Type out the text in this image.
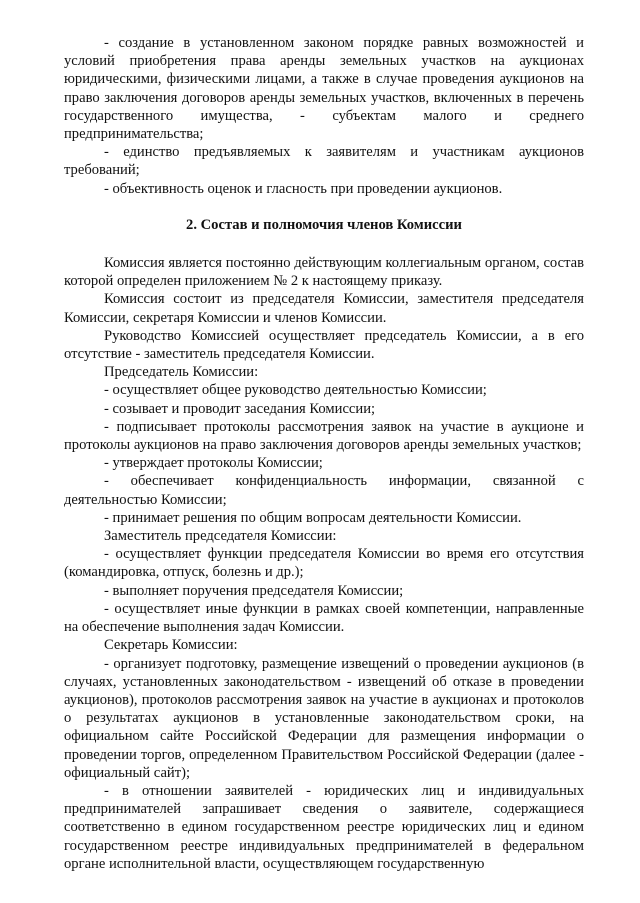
- создание в установленном законом порядке равных возможностей и условий приобретения права аренды земельных участков на аукционах юридическими, физическими лицами, а также в случае проведения аукционов на право заключения договоров аренды земельных участков, включенных в перечень государственного имущества, - субъектам малого и среднего предпринимательства;

- единство предъявляемых к заявителям и участникам аукционов требований;

- объективность оценок и гласность при проведении аукционов.

2. Состав и полномочия членов Комиссии

Комиссия является постоянно действующим коллегиальным органом, состав которой определен приложением № 2 к настоящему приказу.

Комиссия состоит из председателя Комиссии, заместителя председателя Комиссии, секретаря Комиссии и членов Комиссии.

Руководство Комиссией осуществляет председатель Комиссии, а в его отсутствие - заместитель председателя Комиссии.

Председатель Комиссии:

- осуществляет общее руководство деятельностью Комиссии;

- созывает и проводит заседания Комиссии;

- подписывает протоколы рассмотрения заявок на участие в аукционе и протоколы аукционов на право заключения договоров аренды земельных участков;

- утверждает протоколы Комиссии;

- обеспечивает конфиденциальность информации, связанной с деятельностью Комиссии;

- принимает решения по общим вопросам деятельности Комиссии.

Заместитель председателя Комиссии:

- осуществляет функции председателя Комиссии во время его отсутствия (командировка, отпуск, болезнь и др.);

- выполняет поручения председателя Комиссии;

- осуществляет иные функции в рамках своей компетенции, направленные на обеспечение выполнения задач Комиссии.

Секретарь Комиссии:

- организует подготовку, размещение извещений о проведении аукционов (в случаях, установленных законодательством - извещений об отказе в проведении аукционов), протоколов рассмотрения заявок на участие в аукционах и протоколов о результатах аукционов в установленные законодательством сроки, на официальном сайте Российской Федерации для размещения информации о проведении торгов, определенном Правительством Российской Федерации (далее - официальный сайт);

- в отношении заявителей - юридических лиц и индивидуальных предпринимателей запрашивает сведения о заявителе, содержащиеся соответственно в едином государственном реестре юридических лиц и едином государственном реестре индивидуальных предпринимателей в федеральном органе исполнительной власти, осуществляющем государственную
